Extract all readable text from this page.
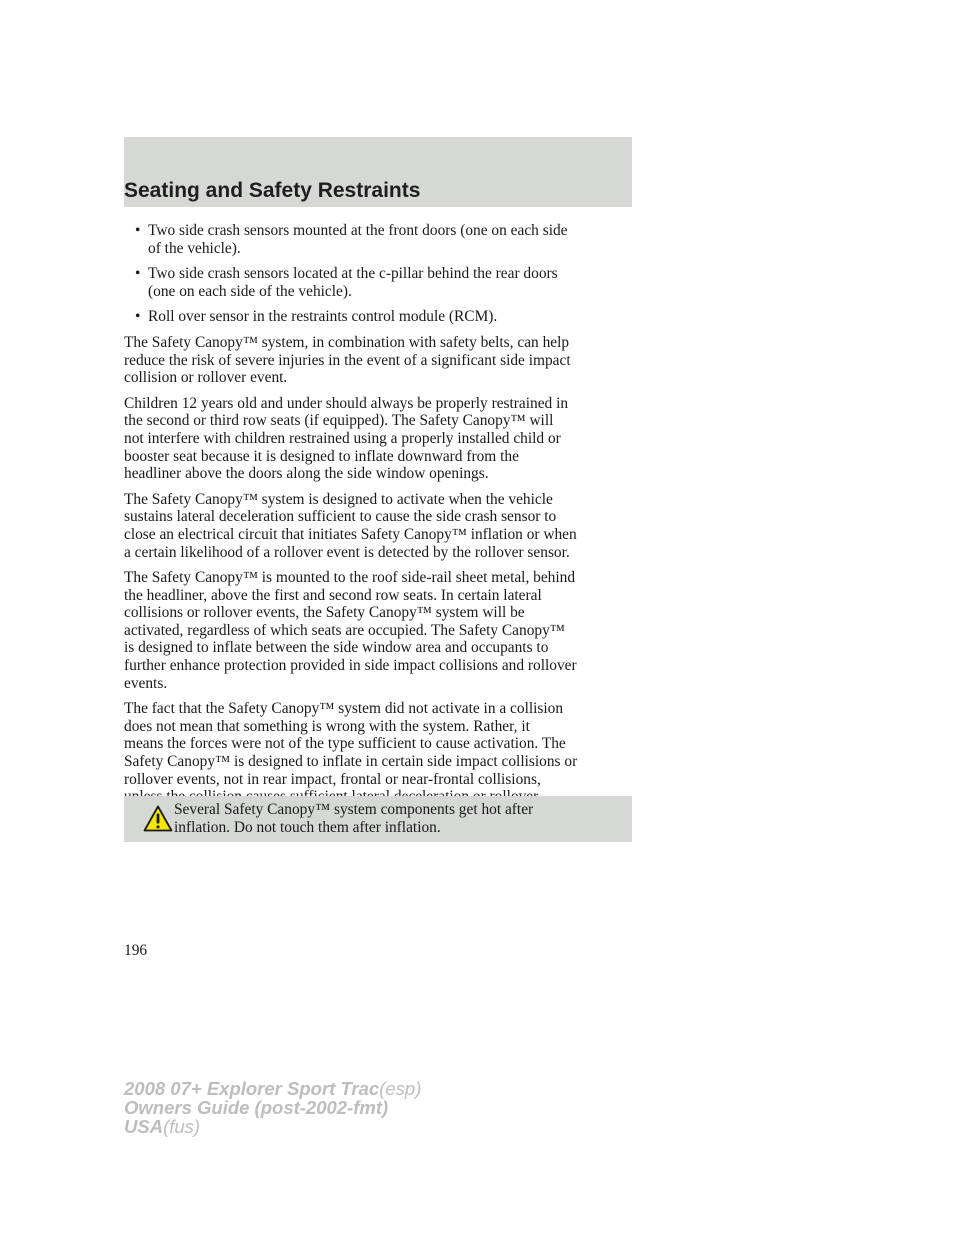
Seating and Safety Restraints
• Two side crash sensors mounted at the front doors (one on each side
of the vehicle).
• Two side crash sensors located at the c-pillar behind the rear doors
(one on each side of the vehicle).
• Roll over sensor in the restraints control module (RCM).
The Safety Canopy™ system, in combination with safety belts, can help
reduce the risk of severe injuries in the event of a significant side impact
collision or rollover event.
Children 12 years old and under should always be properly restrained in
the second or third row seats (if equipped). The Safety Canopy™ will
not interfere with children restrained using a properly installed child or
booster seat because it is designed to inflate downward from the
headliner above the doors along the side window openings.
The Safety Canopy™ system is designed to activate when the vehicle
sustains lateral deceleration sufficient to cause the side crash sensor to
close an electrical circuit that initiates Safety Canopy™ inflation or when
a certain likelihood of a rollover event is detected by the rollover sensor.
The Safety Canopy™ is mounted to the roof side-rail sheet metal, behind
the headliner, above the first and second row seats. In certain lateral
collisions or rollover events, the Safety Canopy™ system will be
activated, regardless of which seats are occupied. The Safety Canopy™
is designed to inflate between the side window area and occupants to
further enhance protection provided in side impact collisions and rollover
events.
The fact that the Safety Canopy™ system did not activate in a collision
does not mean that something is wrong with the system. Rather, it
means the forces were not of the type sufficient to cause activation. The
Safety Canopy™ is designed to inflate in certain side impact collisions or
rollover events, not in rear impact, frontal or near-frontal collisions,
Several Safety Canopy™ system components get hot after
inflation. Do not touch them after inflation.
196
2008 07+ Explorer Sport Trac(esp)
Owners Guide (post-2002-fmt)
USA(fus)
